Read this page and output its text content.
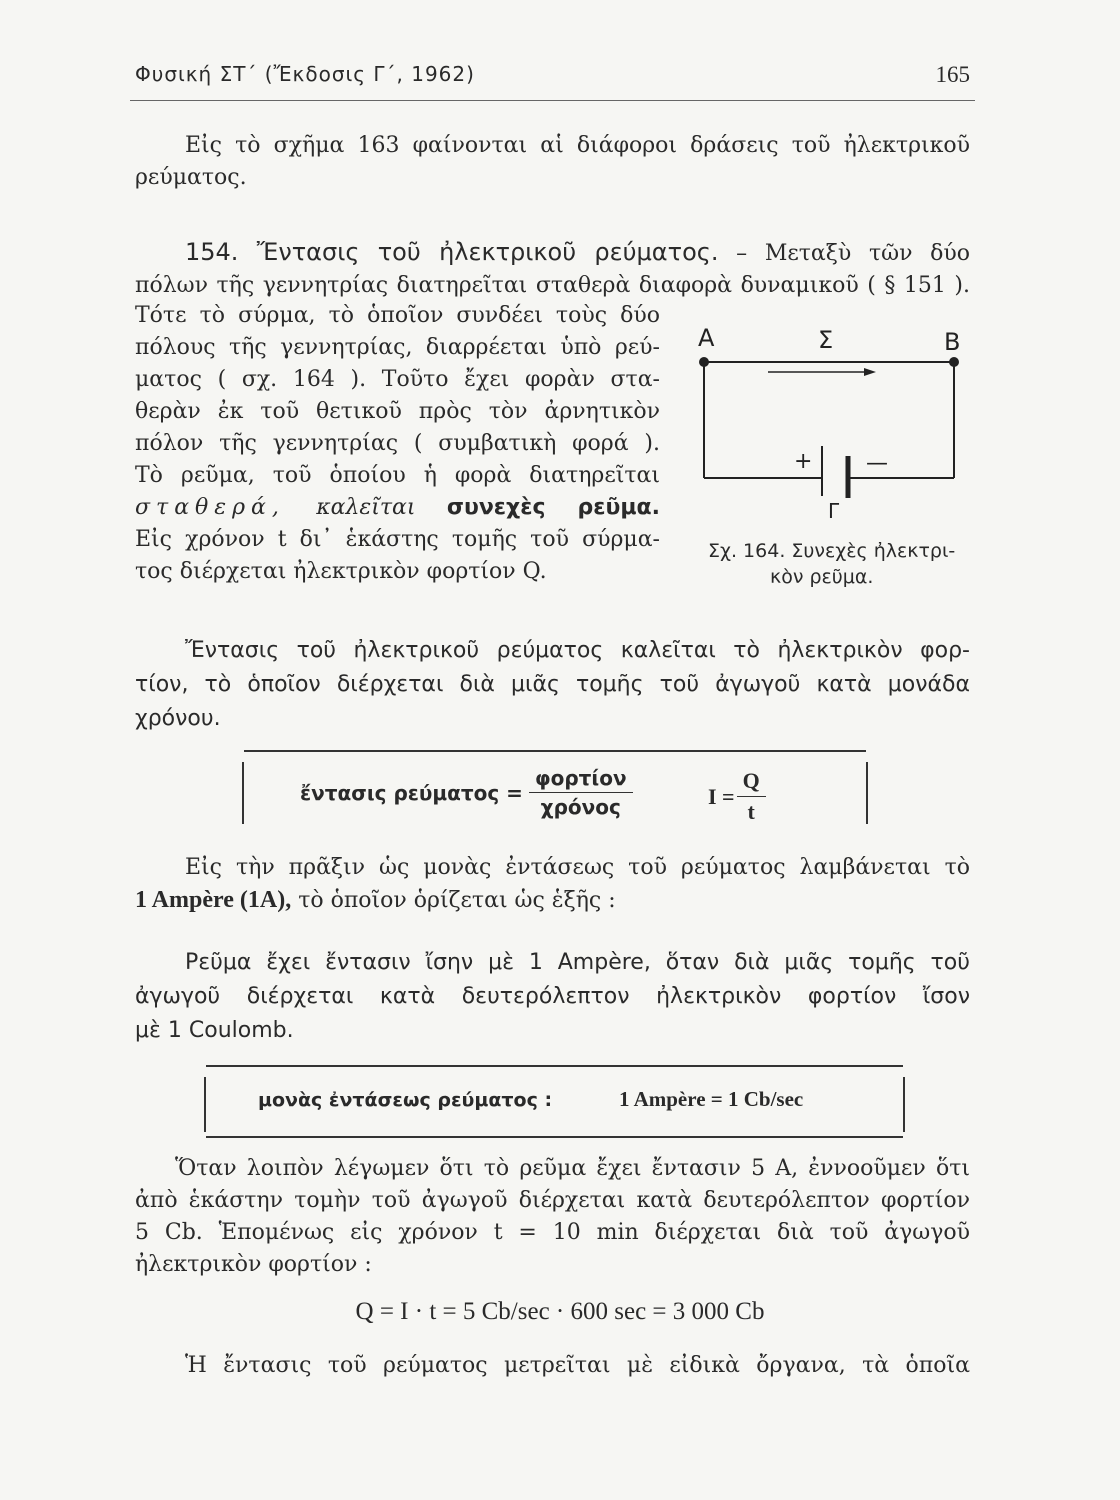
Φυσική ΣΤ΄ (Ἔκδοσις Γ΄, 1962)	165
Εἰς τὸ σχῆμα 163 φαίνονται αἱ διάφοροι δράσεις τοῦ ἠλεκτρικοῦ
ρεύματος.
154. Ἔντασις τοῦ ἠλεκτρικοῦ ρεύματος. – Μεταξὺ τῶν δύο
πόλων τῆς γεννητρίας διατηρεῖται σταθερὰ διαφορὰ δυναμικοῦ ( § 151 ).
Τότε τὸ σύρμα, τὸ ὁποῖον συνδέει τοὺς δύο
πόλους τῆς γεννητρίας, διαρρέεται ὑπὸ ρεύ-
ματος ( σχ. 164 ). Τοῦτο ἔχει φορὰν στα-
θερὰν ἐκ τοῦ θετικοῦ πρὸς τὸν ἀρνητικὸν
πόλον τῆς γεννητρίας ( συμβατικὴ φορά ).
Τὸ ρεῦμα, τοῦ ὁποίου ἡ φορὰ διατηρεῖται
σταθερά, καλεῖται συνεχὲς ρεῦμα.
Εἰς χρόνον t δι᾽ ἑκάστης τομῆς τοῦ σύρμα-
τος διέρχεται ἠλεκτρικὸν φορτίον Q.
A	Σ	B
+ —
Γ
Σχ. 164. Συνεχὲς ἠλεκτρι-
κὸν ρεῦμα.
Ἔντασις τοῦ ἠλεκτρικοῦ ρεύματος καλεῖται τὸ ἠλεκτρικὸν φορ-
τίον, τὸ ὁποῖον διέρχεται διὰ μιᾶς τομῆς τοῦ ἀγωγοῦ κατὰ μονάδα
χρόνου.
ἔντασις $\rho\varepsilon ύ\mu\alpha\tau o\varsigma = \frac{\text{φορτίον}}{\text{χρόνος}}$	$I = \frac{Q}{t}$
Εἰς τὴν πρᾶξιν ὡς μονὰς ἐντάσεως τοῦ ρεύματος λαμβάνεται τὸ
1 Ampère (1A), τὸ ὁποῖον ὁρίζεται ὡς ἑξῆς :
Ρεῦμα ἔχει ἔντασιν ἴσην μὲ 1 Ampère, ὅταν διὰ μιᾶς τομῆς τοῦ
ἀγωγοῦ διέρχεται κατὰ δευτερόλεπτον ἠλεκτρικὸν φορτίον ἴσον
μὲ 1 Coulomb.
μονὰς ἐντάσεως ρεύματος :	1 Ampère = 1 Cb/sec
Ὅταν λοιπὸν λέγωμεν ὅτι τὸ ρεῦμα ἔχει ἔντασιν 5 A, ἐννοοῦμεν ὅτι
ἀπὸ ἑκάστην τομὴν τοῦ ἀγωγοῦ διέρχεται κατὰ δευτερόλεπτον φορτίον
5 Cb. Ἑπομένως εἰς χρόνον t = 10 min διέρχεται διὰ τοῦ ἀγωγοῦ
ἠλεκτρικὸν φορτίον :
Q = I · t = 5 Cb/sec · 600 sec = 3 000 Cb
Ἡ ἔντασις τοῦ ρεύματος μετρεῖται μὲ εἰδικὰ ὄργανα, τὰ ὁποῖα
